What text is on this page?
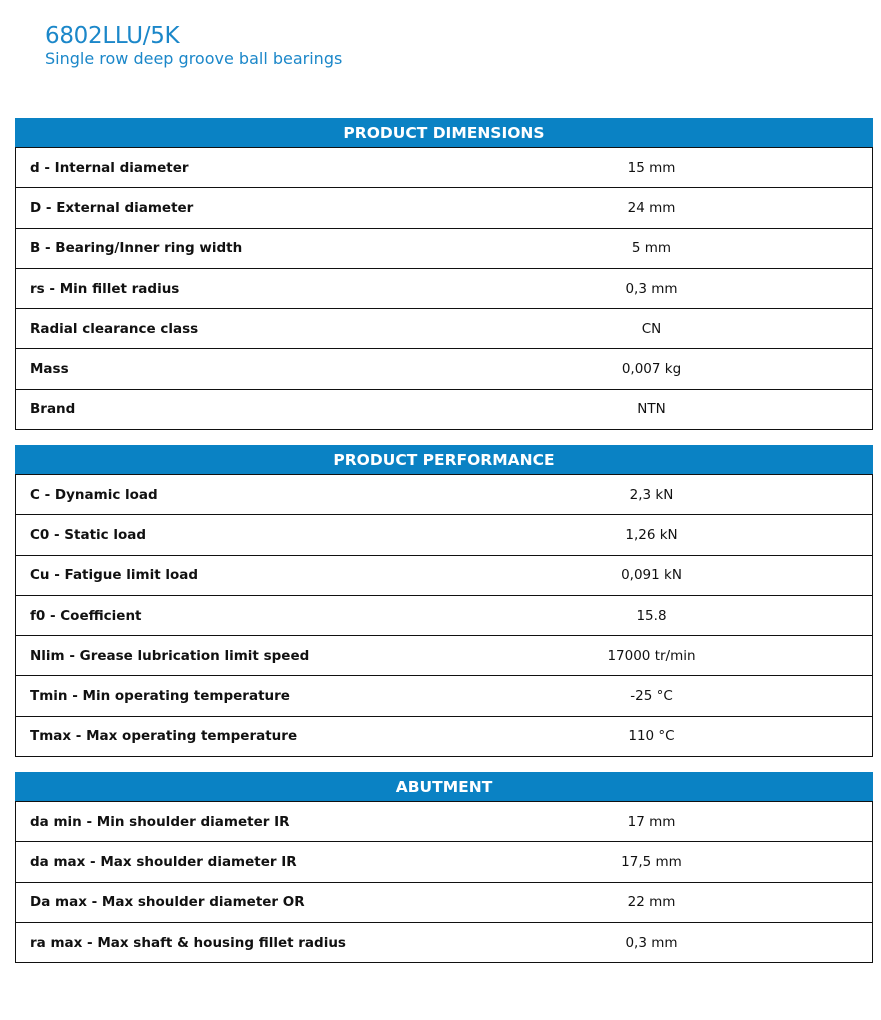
6802LLU/5K
Single row deep groove ball bearings
PRODUCT DIMENSIONS
d - Internal diameter	15 mm
D - External diameter	24 mm
B - Bearing/Inner ring width	5 mm
rs - Min fillet radius	0,3 mm
Radial clearance class	CN
Mass	0,007 kg
Brand	NTN
PRODUCT PERFORMANCE
C - Dynamic load	2,3 kN
C0 - Static load	1,26 kN
Cu - Fatigue limit load	0,091 kN
f0 - Coefficient	15.8
Nlim - Grease lubrication limit speed	17000 tr/min
Tmin - Min operating temperature	-25 °C
Tmax - Max operating temperature	110 °C
ABUTMENT
da min - Min shoulder diameter IR	17 mm
da max - Max shoulder diameter IR	17,5 mm
Da max - Max shoulder diameter OR	22 mm
ra max - Max shaft & housing fillet radius	0,3 mm
